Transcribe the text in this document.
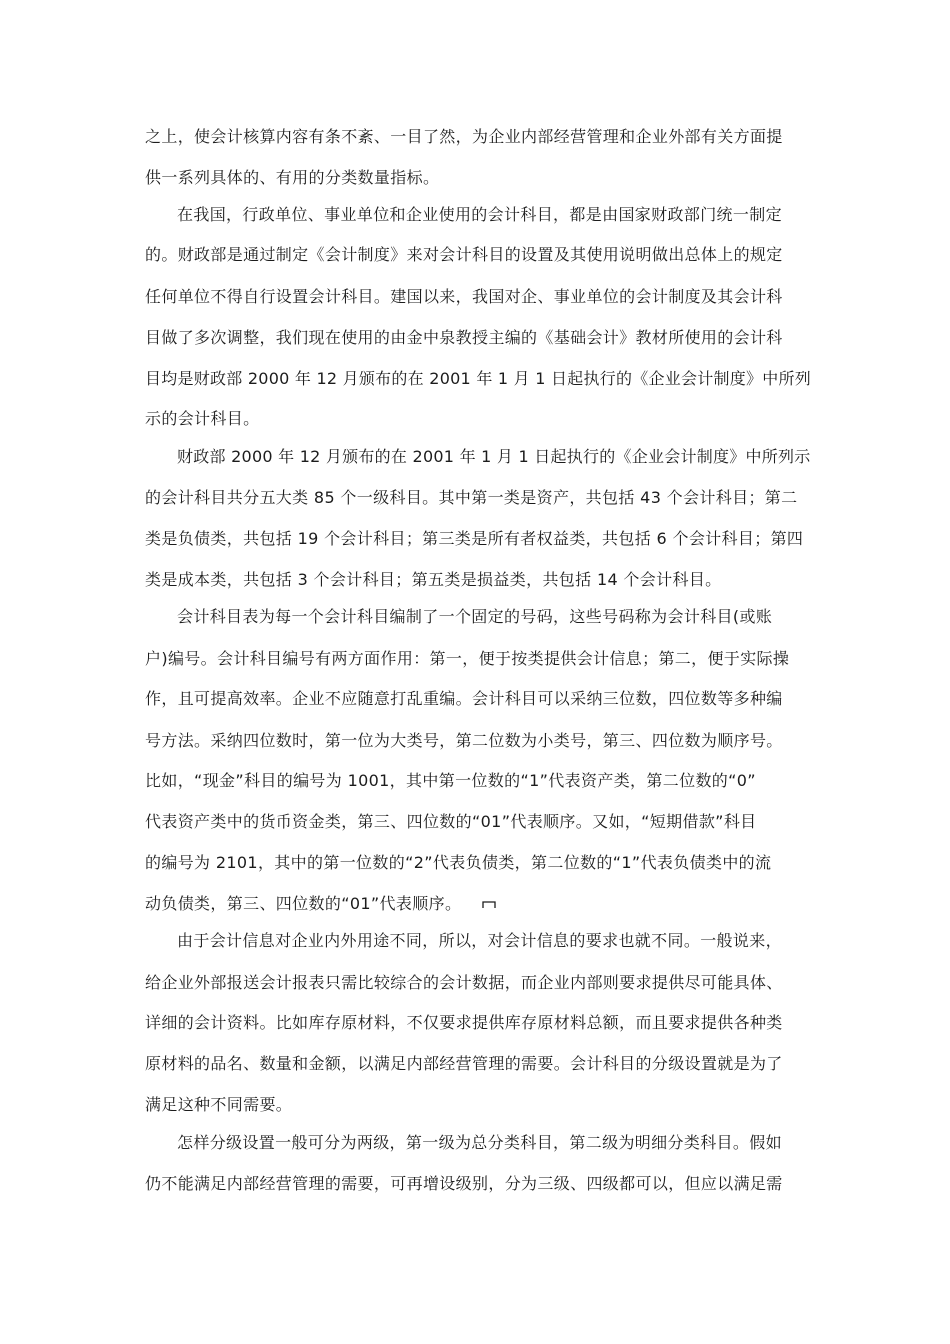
之上，使会计核算内容有条不紊、一目了然，为企业内部经营管理和企业外部有关方面提
供一系列具体的、有用的分类数量指标。
在我国，行政单位、事业单位和企业使用的会计科目，都是由国家财政部门统一制定
的。财政部是通过制定《会计制度》来对会计科目的设置及其使用说明做出总体上的规定
任何单位不得自行设置会计科目。建国以来，我国对企、事业单位的会计制度及其会计科
目做了多次调整，我们现在使用的由金中泉教授主编的《基础会计》教材所使用的会计科
目均是财政部 2000 年 12 月颁布的在 2001 年 1 月 1 日起执行的《企业会计制度》中所列
示的会计科目。
财政部 2000 年 12 月颁布的在 2001 年 1 月 1 日起执行的《企业会计制度》中所列示
的会计科目共分五大类 85 个一级科目。其中第一类是资产，共包括 43 个会计科目；第二
类是负债类，共包括 19 个会计科目；第三类是所有者权益类，共包括 6 个会计科目；第四
类是成本类，共包括 3 个会计科目；第五类是损益类，共包括 14 个会计科目。
会计科目表为每一个会计科目编制了一个固定的号码，这些号码称为会计科目(或账
户)编号。会计科目编号有两方面作用：第一，便于按类提供会计信息；第二，便于实际操
作，且可提高效率。企业不应随意打乱重编。会计科目可以采纳三位数，四位数等多种编
号方法。采纳四位数时，第一位为大类号，第二位数为小类号，第三、四位数为顺序号。
比如，“现金”科目的编号为 1001，其中第一位数的“1”代表资产类，第二位数的“0”
代表资产类中的货币资金类，第三、四位数的“01”代表顺序。又如，“短期借款”科目
的编号为 2101，其中的第一位数的“2”代表负债类，第二位数的“1”代表负债类中的流
动负债类，第三、四位数的“01”代表顺序。
由于会计信息对企业内外用途不同，所以，对会计信息的要求也就不同。一般说来，
给企业外部报送会计报表只需比较综合的会计数据，而企业内部则要求提供尽可能具体、
详细的会计资料。比如库存原材料，不仅要求提供库存原材料总额，而且要求提供各种类
原材料的品名、数量和金额，以满足内部经营管理的需要。会计科目的分级设置就是为了
满足这种不同需要。
怎样分级设置一般可分为两级，第一级为总分类科目，第二级为明细分类科目。假如
仍不能满足内部经营管理的需要，可再增设级别，分为三级、四级都可以，但应以满足需
